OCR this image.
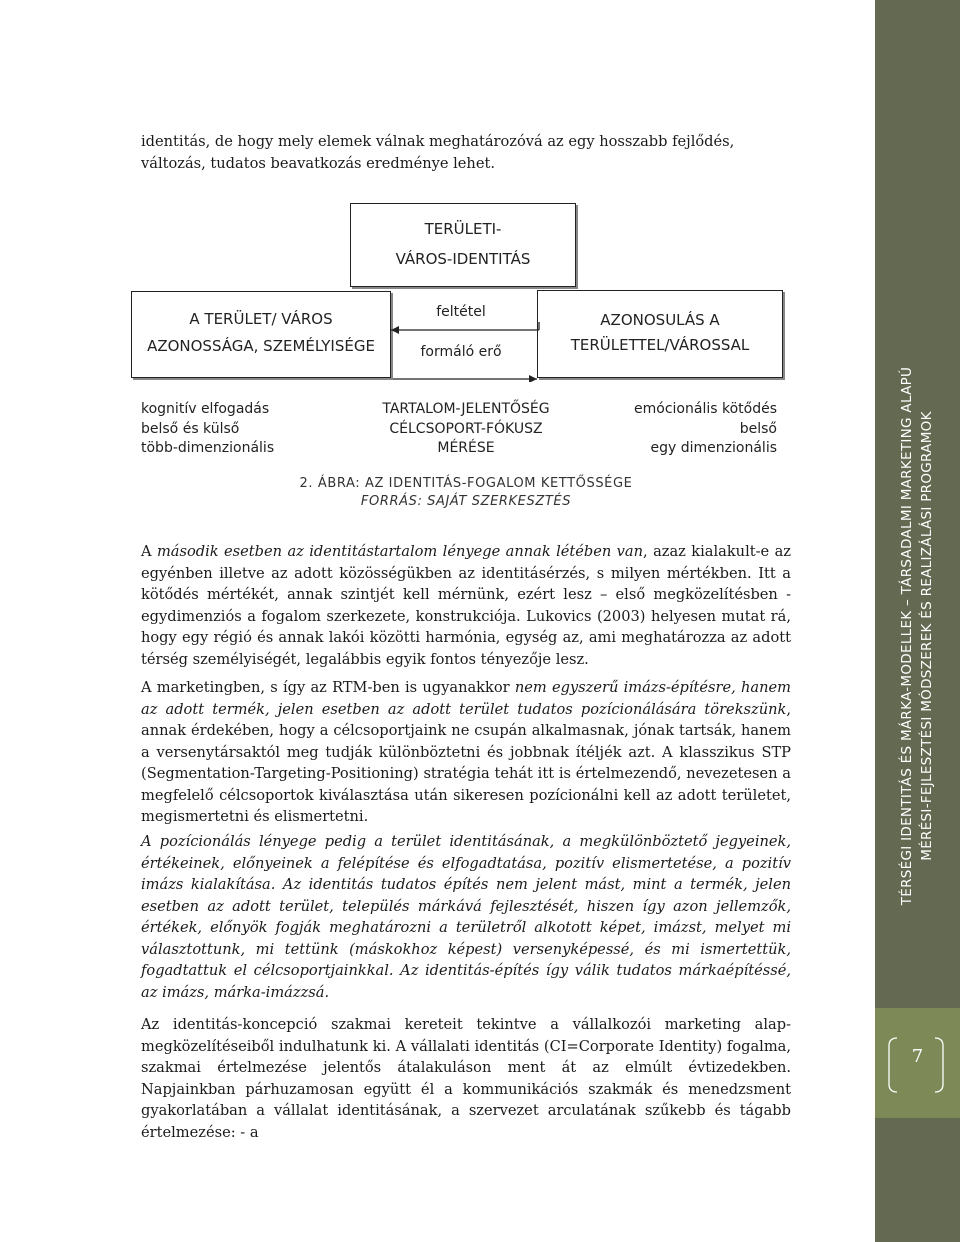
identitás, de hogy mely elemek válnak meghatározóvá az egy hosszabb fejlődés,
változás, tudatos beavatkozás eredménye lehet.

TERÜLETI-
VÁROS-IDENTITÁS
A TERÜLET/ VÁROS
AZONOSSÁGA, SZEMÉLYISÉGE
AZONOSULÁS A
TERÜLETTEL/VÁROSSAL
feltétel
formáló erő
kognitív elfogadás
belső és külső
több-dimenzionális
TARTALOM-JELENTŐSÉG
CÉLCSOPORT-FÓKUSZ
MÉRÉSE
emócionális kötődés
belső
egy dimenzionális
2. ÁBRA: AZ IDENTITÁS-FOGALOM KETTŐSSÉGE
FORRÁS: SAJÁT SZERKESZTÉS

A második esetben az identitástartalom lényege annak létében van, azaz kialakult-e az egyénben illetve az adott közösségükben az identitásérzés, s milyen mértékben. Itt a kötődés mértékét, annak szintjét kell mérnünk, ezért lesz – első megközelítésben - egydimenziós a fogalom szerkezete, konstrukciója. Lukovics (2003) helyesen mutat rá, hogy egy régió és annak lakói közötti harmónia, egység az, ami meghatározza az adott térség személyiségét, legalábbis egyik fontos tényezője lesz.

A marketingben, s így az RTM-ben is ugyanakkor nem egyszerű imázs-építésre, hanem az adott termék, jelen esetben az adott terület tudatos pozícionálására törekszünk, annak érdekében, hogy a célcsoportjaink ne csupán alkalmasnak, jónak tartsák, hanem a versenytársaktól meg tudják különböztetni és jobbnak ítéljék azt. A klasszikus STP (Segmentation-Targeting-Positioning) stratégia tehát itt is értelmezendő, nevezetesen a megfelelő célcsoportok kiválasztása után sikeresen pozícionálni kell az adott területet, megismertetni és elismertetni.

A pozícionálás lényege pedig a terület identitásának, a megkülönböztető jegyeinek, értékeinek, előnyeinek a felépítése és elfogadtatása, pozitív elismertetése, a pozitív imázs kialakítása. Az identitás tudatos építés nem jelent mást, mint a termék, jelen esetben az adott terület, település márkává fejlesztését, hiszen így azon jellemzők, értékek, előnyök fogják meghatározni a területről alkotott képet, imázst, melyet mi választottunk, mi tettünk (máskokhoz képest) versenyképessé, és mi ismertettük, fogadtattuk el célcsoportjainkkal. Az identitás-építés így válik tudatos márkaépítéssé, az imázs, márka-imázzsá.

Az identitás-koncepció szakmai kereteit tekintve a vállalkozói marketing alap-megközelítéseiből indulhatunk ki. A vállalati identitás (CI=Corporate Identity) fogalma, szakmai értelmezése jelentős átalakuláson ment át az elmúlt évtizedekben. Napjainkban párhuzamosan együtt él a kommunikációs szakmák és menedzsment gyakorlatában a vállalat identitásának, a szervezet arculatának szűkebb és tágabb értelmezése: - a

TÉRSÉGI IDENTITÁS ÉS MÁRKA-MODELLEK – TÁRSADALMI MARKETING ALAPÚ MÉRÉSI-FEJLESZTÉSI MÓDSZEREK ÉS REALIZÁLÁSI PROGRAMOK
7
